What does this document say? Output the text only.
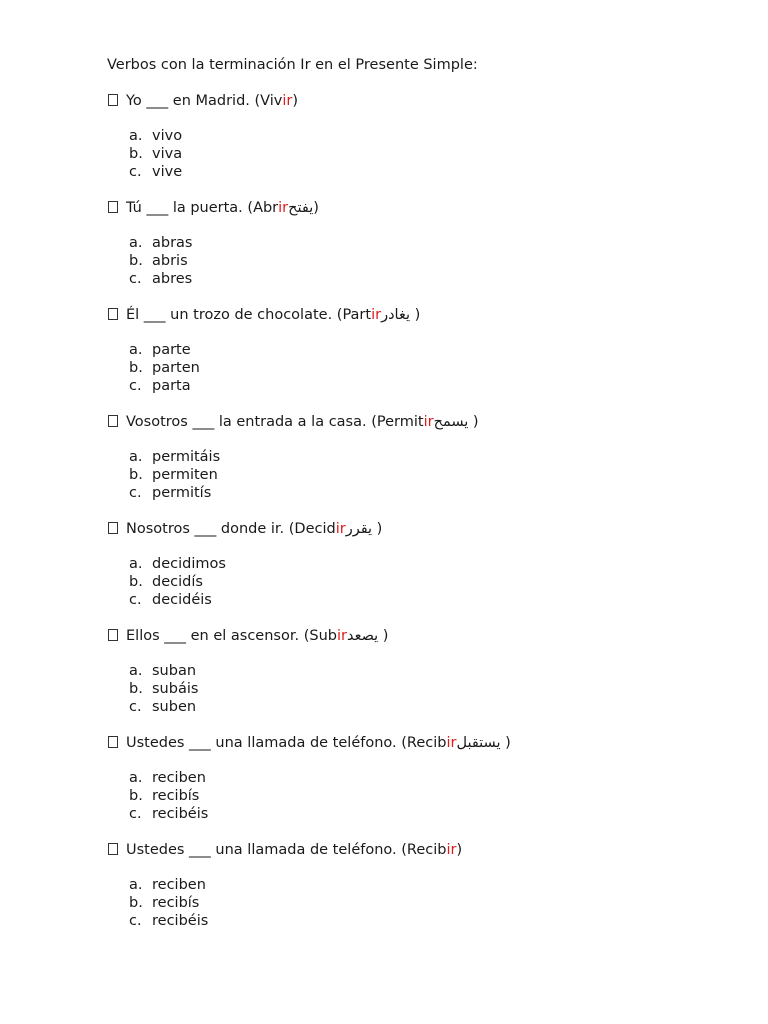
Verbos con la terminación Ir en el Presente Simple:
Yo ___ en Madrid. (Vivir)
a. vivo
b. viva
c. vive
Tú ___ la puerta. (Abrirيفتح)
a. abras
b. abris
c. abres
Él ___ un trozo de chocolate. (Partirيغادر )
a. parte
b. parten
c. parta
Vosotros ___ la entrada a la casa. (Permitirيسمح )
a. permitáis
b. permiten
c. permitís
Nosotros ___ donde ir. (Decidirيقرر )
a. decidimos
b. decidís
c. decidéis
Ellos ___ en el ascensor. (Subirيصعد )
a. suban
b. subáis
c. suben
Ustedes ___ una llamada de teléfono. (Recibirيستقبل )
a. reciben
b. recibís
c. recibéis
Ustedes ___ una llamada de teléfono. (Recibir)
a. reciben
b. recibís
c. recibéis
